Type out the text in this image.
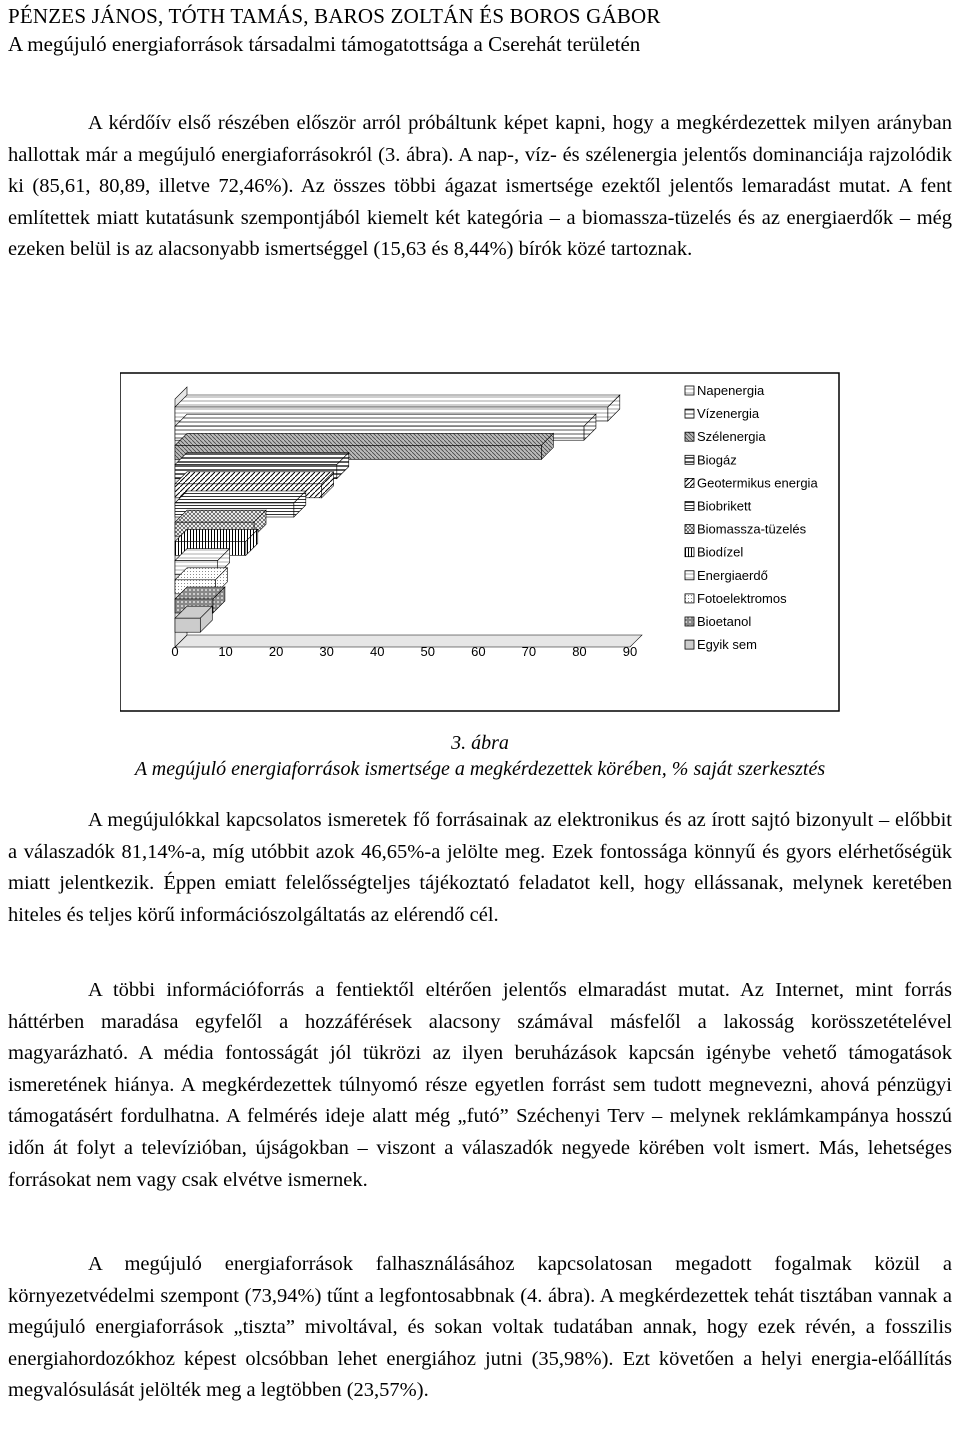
PÉNZES JÁNOS, TÓTH TAMÁS, BAROS ZOLTÁN ÉS BOROS GÁBOR
A megújuló energiaforrások társadalmi támogatottsága a Cserehát területén
A kérdőív első részében először arról próbáltunk képet kapni, hogy a megkérdezettek milyen arányban hallottak már a megújuló energiaforrásokról (3. ábra). A nap-, víz- és szélenergia jelentős dominanciája rajzolódik ki (85,61, 80,89, illetve 72,46%). Az összes többi ágazat ismertsége ezektől jelentős lemaradást mutat. A fent említettek miatt kutatásunk szempontjából kiemelt két kategória – a biomassza-tüzelés és az energiaerdők – még ezeken belül is az alacsonyabb ismertséggel (15,63 és 8,44%) bírók közé tartoznak.
0	10	20	30	40	50	60	70	80	90
Napenergia
Vízenergia
Szélenergia
Biogáz
Geotermikus energia
Biobrikett
Biomassza-tüzelés
Biodízel
Energiaerdő
Fotoelektromos
Bioetanol
Egyik sem
3. ábra
A megújuló energiaforrások ismertsége a megkérdezettek körében, % saját szerkesztés
A megújulókkal kapcsolatos ismeretek fő forrásainak az elektronikus és az írott sajtó bizonyult – előbbit a válaszadók 81,14%-a, míg utóbbit azok 46,65%-a jelölte meg. Ezek fontossága könnyű és gyors elérhetőségük miatt jelentkezik. Éppen emiatt felelősségteljes tájékoztató feladatot kell, hogy ellássanak, melynek keretében hiteles és teljes körű információszolgáltatás az elérendő cél.
A többi információforrás a fentiektől eltérően jelentős elmaradást mutat. Az Internet, mint forrás háttérben maradása egyfelől a hozzáférések alacsony számával másfelől a lakosság korösszetételével magyarázható. A média fontosságát jól tükrözi az ilyen beruházások kapcsán igénybe vehető támogatások ismeretének hiánya. A megkérdezettek túlnyomó része egyetlen forrást sem tudott megnevezni, ahová pénzügyi támogatásért fordulhatna. A felmérés ideje alatt még „futó” Széchenyi Terv – melynek reklámkampánya hosszú időn át folyt a televízióban, újságokban – viszont a válaszadók negyede körében volt ismert. Más, lehetséges forrásokat nem vagy csak elvétve ismernek.
A megújuló energiaforrások falhasználásához kapcsolatosan megadott fogalmak közül a környezetvédelmi szempont (73,94%) tűnt a legfontosabbnak (4. ábra). A megkérdezettek tehát tisztában vannak a megújuló energiaforrások „tiszta” mivoltával, és sokan voltak tudatában annak, hogy ezek révén, a fosszilis energiahordozókhoz képest olcsóbban lehet energiához jutni (35,98%). Ezt követően a helyi energia-előállítás megvalósulását jelölték meg a legtöbben (23,57%).
